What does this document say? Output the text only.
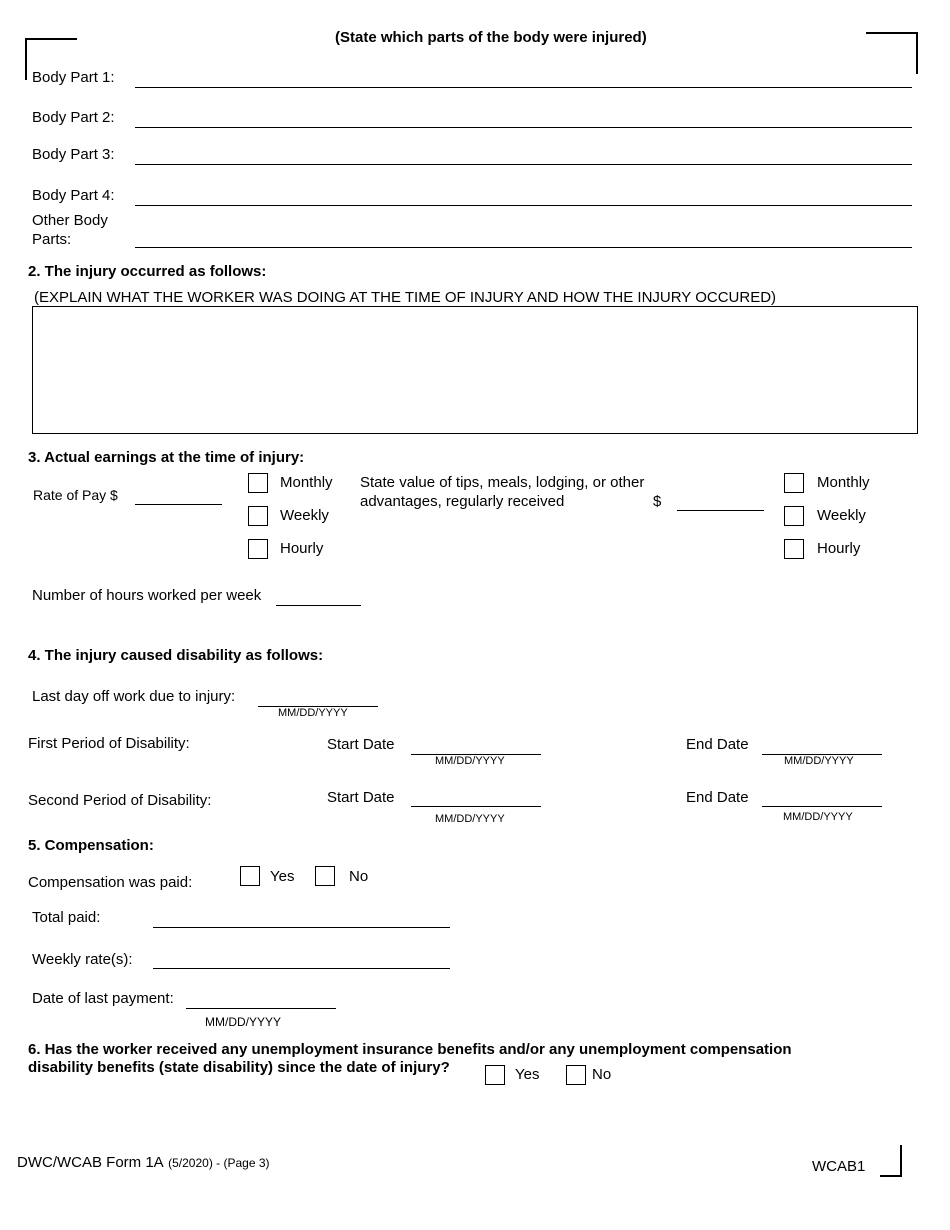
(State which parts of the body were injured)
Body Part 1:
Body Part 2:
Body Part 3:
Body Part 4:
Other Body Parts:
2. The injury occurred as follows:
(EXPLAIN WHAT THE WORKER WAS DOING AT THE TIME OF INJURY AND HOW THE INJURY OCCURED)
3. Actual earnings at the time of injury:
Rate of Pay $
Monthly
Weekly
Hourly
State value of tips, meals, lodging, or other
advantages, regularly received	$
Monthly
Weekly
Hourly
Number of hours worked per week
4. The injury caused disability as follows:
Last day off work due to injury:
MM/DD/YYYY
First Period of Disability:	Start Date
MM/DD/YYYY
End Date
MM/DD/YYYY
Second Period of Disability:	Start Date
MM/DD/YYYY
End Date
MM/DD/YYYY
5. Compensation:
Compensation was paid:	Yes	No
Total paid:
Weekly rate(s):
Date of last payment:
MM/DD/YYYY
6. Has the worker received any unemployment insurance benefits and/or any unemployment compensation
disability benefits (state disability) since the date of injury?	Yes	No
DWC/WCAB Form 1A (5/2020) - (Page 3)	WCAB1
